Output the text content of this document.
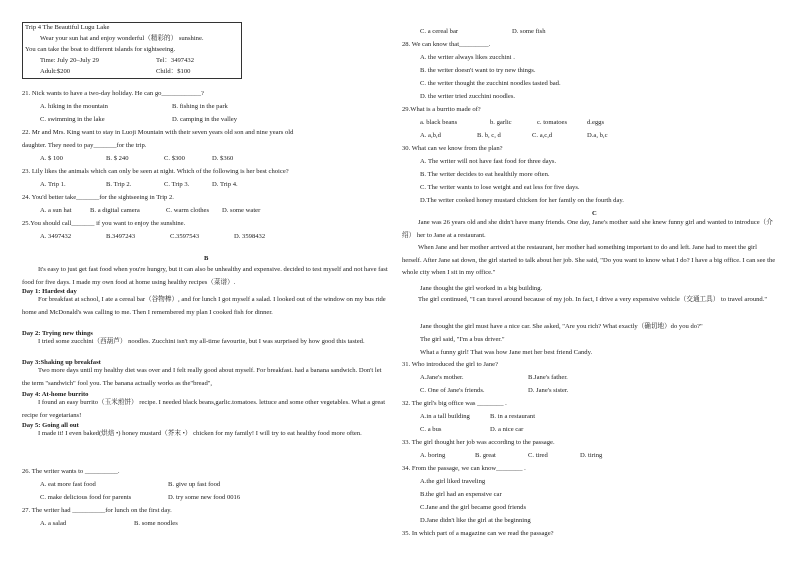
Trip 4 The Beautiful Lugu Lake
Wear your sun hat and enjoy wonderful（精彩的） sunshine.
You can take the boat to different islands for sightseeing.
Time: July 20–July 29	Tel：3497432
Adult:$200	Child：$100
21. Nick wants to have a two-day holiday. He can go____________?
A. hiking in the mountain	B. fishing in the park
C. swimming in the lake	D. camping in the valley
22. Mr and Mrs. King want to stay in Luoji Mountain with their seven years old son and nine years old
daughter. They need to pay_______for the trip.
A. $ 100	B. $ 240	C. $300	D. $360
23. Lily likes the animals which can only be seen at night. Which of the following is her best choice?
A. Trip 1.	B. Trip 2.	C. Trip 3.	D. Trip 4.
24. You'd better take_______for the sightseeing in Trip 2.
A. a sun hat	B. a digital camera	C. warm clothes D. some water
25.You should call_______ if you want to enjoy the sunshine.
A. 3497432	B.3497243	C.3597543	D. 3598432
B
It's easy to just get fast food when you're hungry, but it can also be unhealthy and expensive. decided to test myself and not have fast food for five days. I made my own food at home using healthy recipes（菜谱）.
Day 1: Hardest day
For breakfast at school, I ate a cereal bar（谷物棒）, and for lunch I got myself a salad. I looked out of the window on my bus ride home and McDonald's was calling to me. Then I remembered my plan I cooked fish for dinner.
Day 2: Trying new things
I tried some zucchini（西葫芦） noodles. Zucchini isn't my all-time favourite, but I was surprised by how good this tasted.
Day 3:Shaking up breakfast
Two more days until my healthy diet was over and I felt really good about myself. For breakfast. had a banana sandwich. Don't let the term "sandwich" fool you. The banana actually works as the"bread",
Day 4: At-home burrito
I found an easy burrito（玉米煎饼） recipe. I needed black beans,garlic.tomatoes. lettuce and some other vegetables. What a great recipe for vegetarians!
Day 5: Going all out
I made it! I even baked(烘焙 •) honey mustard（芥末 •） chicken for my family! I will try to eat healthy food more often.
26. The writer wants to __________.
A. eat more fast food	B. give up fast food
C. make delicious food for parents	D. try some new food 0016
27. The writer had __________for lunch on the first day.
A. a salad	B. some noodles
C. a cereal bar	D. some fish
28. We can know that_________.
A. the writer always likes zucchini .
B. the writer doesn't want to try new things.
C. the writer thought the zucchini noodles tasted bad.
D. the writer tried zucchini noodles.
29.What is a burrito made of?
a. black beans	b. garlic	c. tomatoes	d.eggs
A. a,b,d	B. b, c, d	C. a,c,d	D.a, b,c
30. What can we know from the plan?
A. The writer will not have fast food for three days.
B. The writer decides to eat healthily more often.
C. The writer wants to lose weight and eat less for five days.
D.The writer cooked honey mustard chicken for her family on the fourth day.
C
Jane was 26 years old and she didn't have many friends. One day, Jane's mother said she knew funny girl and wanted to introduce（介绍） her to Jane at a restaurant.
When Jane and her mother arrived at the restaurant, her mother had something important to do and left. Jane had to meet the girl herself. After Jane sat down, the girl started to talk about her job. She said, "Do you want to know what I do? I have a big office. I can see the whole city when I sit in my office."
Jane thought the girl worked in a big building.
The girl continued, "I can travel around because of my job. In fact, I drive a very expensive vehicle（交通工具） to travel around."
Jane thought the girl must have a nice car. She asked, "Are you rich? What exactly（确切地）do you do?"
The girl said, "I'm a bus driver."
What a funny girl! That was how Jane met her best friend Candy.
31. Who introduced the girl to Jane?
A.Jane's mother.	B.Jane's father.
C. One of Jane's friends.	D. Jane's sister.
32. The girl's big office was ________ .
A.in a tall building	B. in a restaurant
C. a bus	D. a nice car
33. The girl thought her job was according to the passage.
A. boring	B. great	C. tired	D. tiring
34. From the passage, we can know________ .
A.the girl liked traveling
B.the girl had an expensive car
C.Jane and the girl became good friends
D.Jane didn't like the girl at the beginning
35. In which part of a magazine can we read the passage?
